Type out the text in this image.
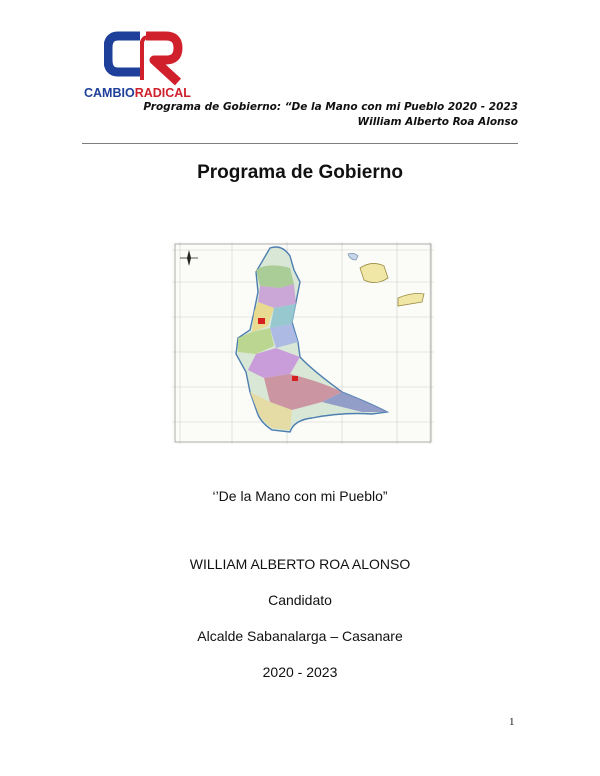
CAMBIORADICAL
Programa de Gobierno: “De la Mano con mi Pueblo 2020 - 2023
William Alberto Roa Alonso
Programa de Gobierno
‘’De la Mano con mi Pueblo”
WILLIAM ALBERTO ROA ALONSO
Candidato
Alcalde Sabanalarga – Casanare
2020 - 2023
1
